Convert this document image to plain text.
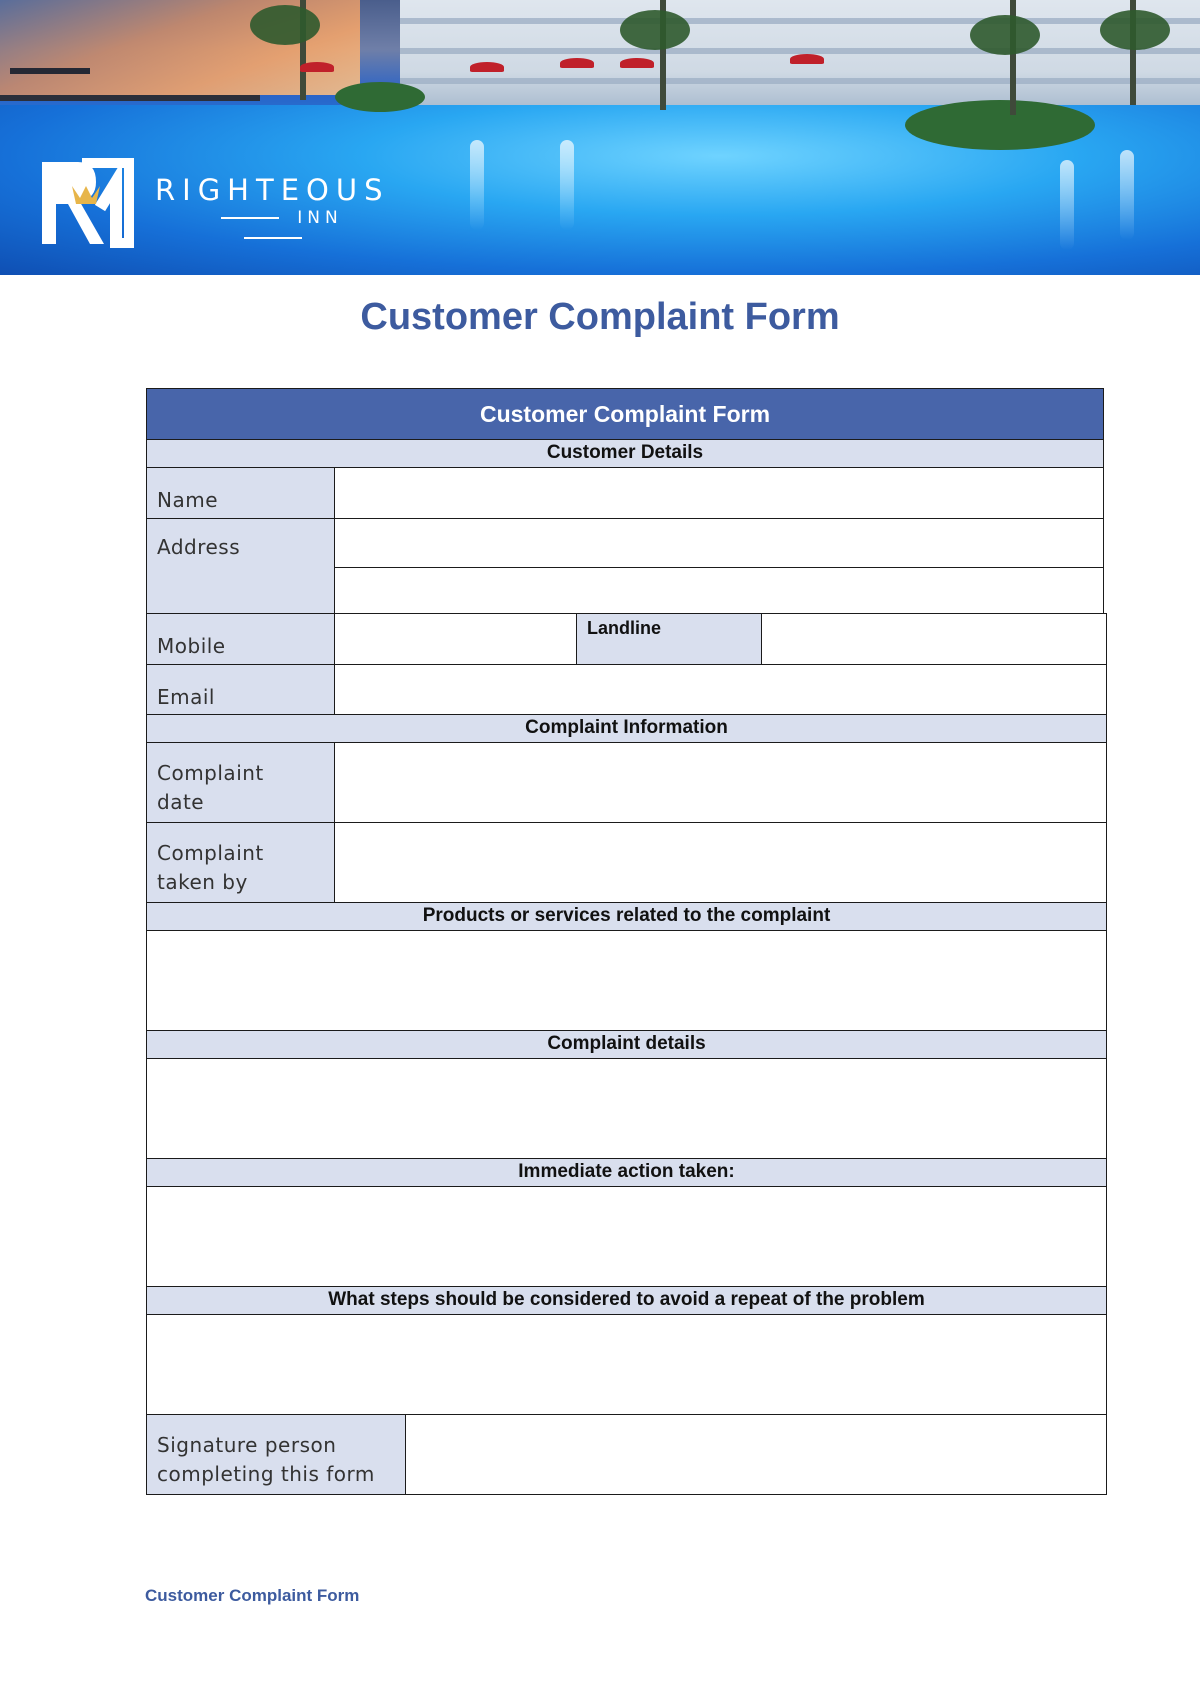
RIGHTEOUS
INN
Customer Complaint Form
Customer Complaint Form
Customer Details
Name
Address
Mobile
Landline
Email
Complaint Information
Complaint
date
Complaint
taken by
Products or services related to the complaint
Complaint details
Immediate action taken:
What steps should be considered to avoid a repeat of the problem
Signature person
completing this form
Customer Complaint Form
